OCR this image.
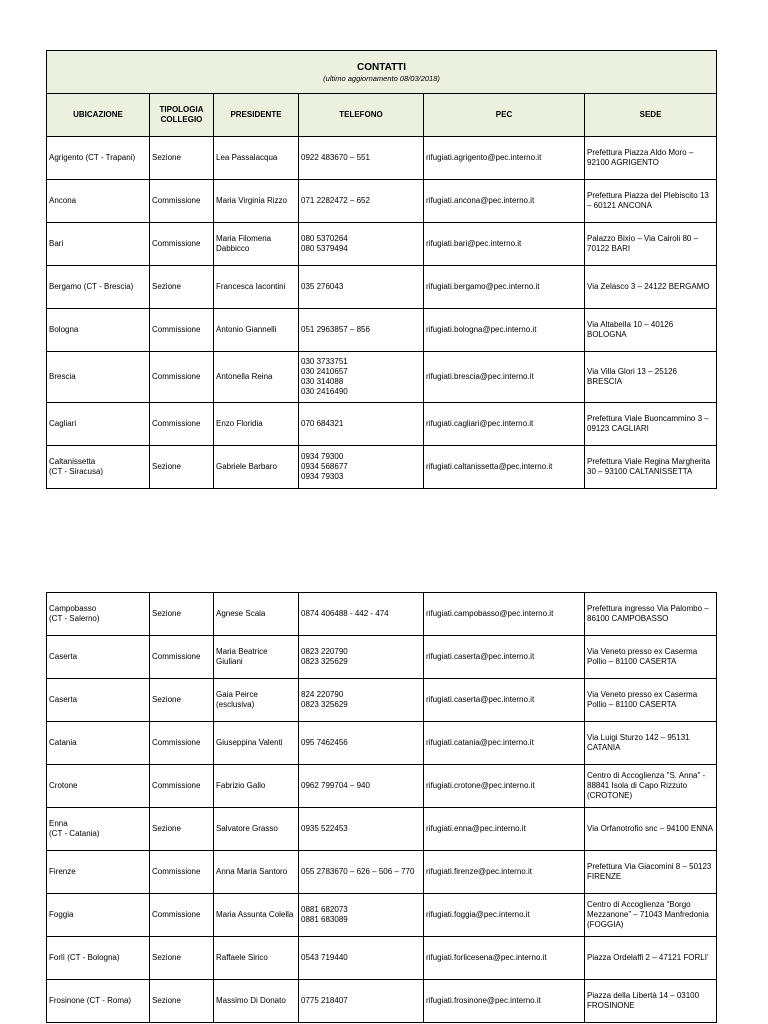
CONTATTI
(ultimo aggiornamento 08/03/2018)					

UBICAZIONE	TIPOLOGIA COLLEGIO	PRESIDENTE	TELEFONO	PEC	SEDE
Agrigento (CT - Trapani)	Sezione	Lea Passalacqua	0922 483670 – 551	rifugiati.agrigento@pec.interno.it	Prefettura Piazza Aldo Moro – 92100 AGRIGENTO
Ancona	Commissione	Maria Virginia Rizzo	071 2282472 – 652	rifugiati.ancona@pec.interno.it	Prefettura Piazza del Plebiscito 13 – 60121 ANCONA
Bari	Commissione	Maria Filomena Dabbicco	080 5370264
080 5379494	rifugiati.bari@pec.interno.it	Palazzo Bixio – Via Cairoli 80 – 70122 BARI
Bergamo (CT - Brescia)	Sezione	Francesca Iacontini	035 276043	rifugiati.bergamo@pec.interno.it	Via Zelasco 3 – 24122 BERGAMO
Bologna	Commissione	Antonio Giannelli	051 2963857 – 856	rifugiati.bologna@pec.interno.it	Via Altabella 10 – 40126 BOLOGNA
Brescia	Commissione	Antonella Reina	030 3733751
030 2410657
030 314088
030 2416490	rifugiati.brescia@pec.interno.it	Via Villa Glori 13 – 25126 BRESCIA
Cagliari	Commissione	Enzo Floridia	070 684321	rifugiati.cagliari@pec.interno.it	Prefettura Viale Buoncammino 3 – 09123 CAGLIARI
Caltanissetta
(CT - Siracusa)	Sezione	Gabriele Barbaro	0934 79300
0934 568677
0934 79303	rifugiati.caltanissetta@pec.interno.it	Prefettura Viale Regina Margherita 30 – 93100 CALTANISSETTA
Campobasso
(CT - Salerno)	Sezione	Agnese Scala	0874 406488 - 442 - 474	rifugiati.campobasso@pec.interno.it	Prefettura ingresso Via Palombo – 86100 CAMPOBASSO
Caserta	Commissione	Maria Beatrice Giuliani	0823 220790
0823 325629	rifugiati.caserta@pec.interno.it	Via Veneto presso ex Caserma Pollio – 81100 CASERTA
Caserta	Sezione	Gaia Peirce
(esclusiva)	824 220790
0823 325629	rifugiati.caserta@pec.interno.it	Via Veneto presso ex Caserma Pollio – 81100 CASERTA
Catania	Commissione	Giuseppina Valenti	095 7462456	rifugiati.catania@pec.interno.it	Via Luigi Sturzo 142 – 95131 CATANIA
Crotone	Commissione	Fabrizio Gallo	0962 799704 – 940	rifugiati.crotone@pec.interno.it	Centro di Accoglienza "S. Anna" - 88841 Isola di Capo Rizzuto (CROTONE)
Enna
(CT - Catania)	Sezione	Salvatore Grasso	0935 522453	rifugiati.enna@pec.interno.it	Via Orfanotrofio snc – 94100 ENNA
Firenze	Commissione	Anna Maria Santoro	055 2783670 – 626 – 506 – 770	rifugiati.firenze@pec.interno.it	Prefettura Via Giacomini 8 – 50123 FIRENZE
Foggia	Commissione	Maria Assunta Colella	0881 682073
0881 683089	rifugiati.foggia@pec.interno.it	Centro di Accoglienza “Borgo Mezzanone” – 71043 Manfredonia (FOGGIA)
Forlì (CT - Bologna)	Sezione	Raffaele Sirico	0543 719440	rifugiati.forlicesena@pec.interno.it	Piazza Ordelaffi 2 – 47121 FORLI’
Frosinone (CT - Roma)	Sezione	Massimo Di Donato	0775 218407	rifugiati.frosinone@pec.interno.it	Piazza della Libertà 14 – 03100 FROSINONE
